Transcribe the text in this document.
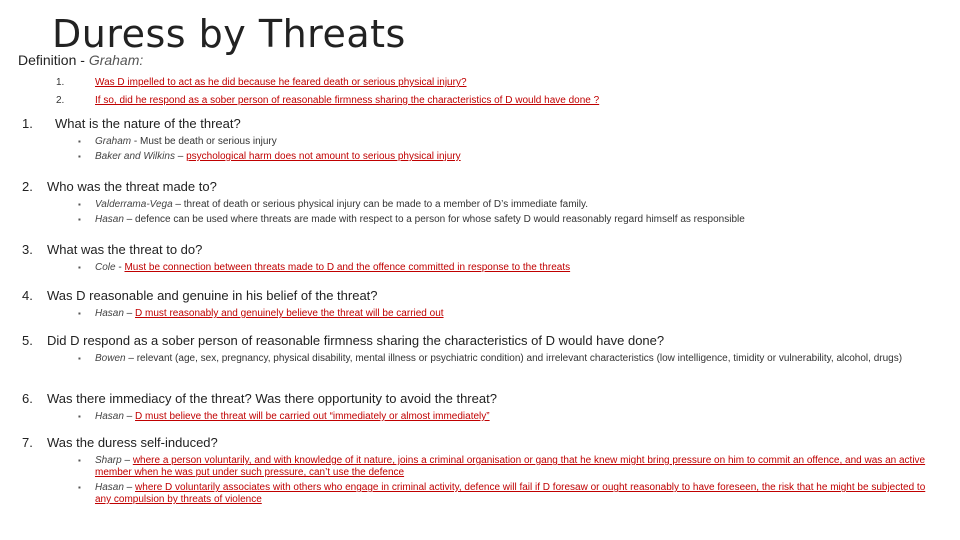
Duress by Threats
Definition - Graham:
1.	Was D impelled to act as he did because he feared death or serious physical injury?
2.	If so, did he respond as a sober person of reasonable firmness sharing the characteristics of D would have done ?
1.	What is the nature of the threat?
▪ Graham - Must be death or serious injury
▪ Baker and Wilkins – psychological harm does not amount to serious physical injury
2.	Who was the threat made to?
▪ Valderrama-Vega – threat of death or serious physical injury can be made to a member of D’s immediate family.
▪ Hasan – defence can be used where threats are made with respect to a person for whose safety D would reasonably regard himself as responsible
3.	What was the threat to do?
▪ Cole - Must be connection between threats made to D and the offence committed in response to the threats
4.	Was D reasonable and genuine in his belief of the threat?
▪ Hasan – D must reasonably and genuinely believe the threat will be carried out
5.	Did D respond as a sober person of reasonable firmness sharing the characteristics of D would have done?
▪ Bowen – relevant (age, sex, pregnancy, physical disability, mental illness or psychiatric condition) and irrelevant characteristics (low intelligence, timidity or vulnerability, alcohol, drugs)
6.	Was there immediacy of the threat? Was there opportunity to avoid the threat?
▪ Hasan – D must believe the threat will be carried out “immediately or almost immediately”
7.	Was the duress self-induced?
▪ Sharp – where a person voluntarily, and with knowledge of it nature, joins a criminal organisation or gang that he knew might bring pressure on him to commit an offence, and was an active member when he was put under such pressure, can’t use the defence
▪ Hasan – where D voluntarily associates with others who engage in criminal activity, defence will fail if D foresaw or ought reasonably to have foreseen, the risk that he might be subjected to any compulsion by threats of violence
